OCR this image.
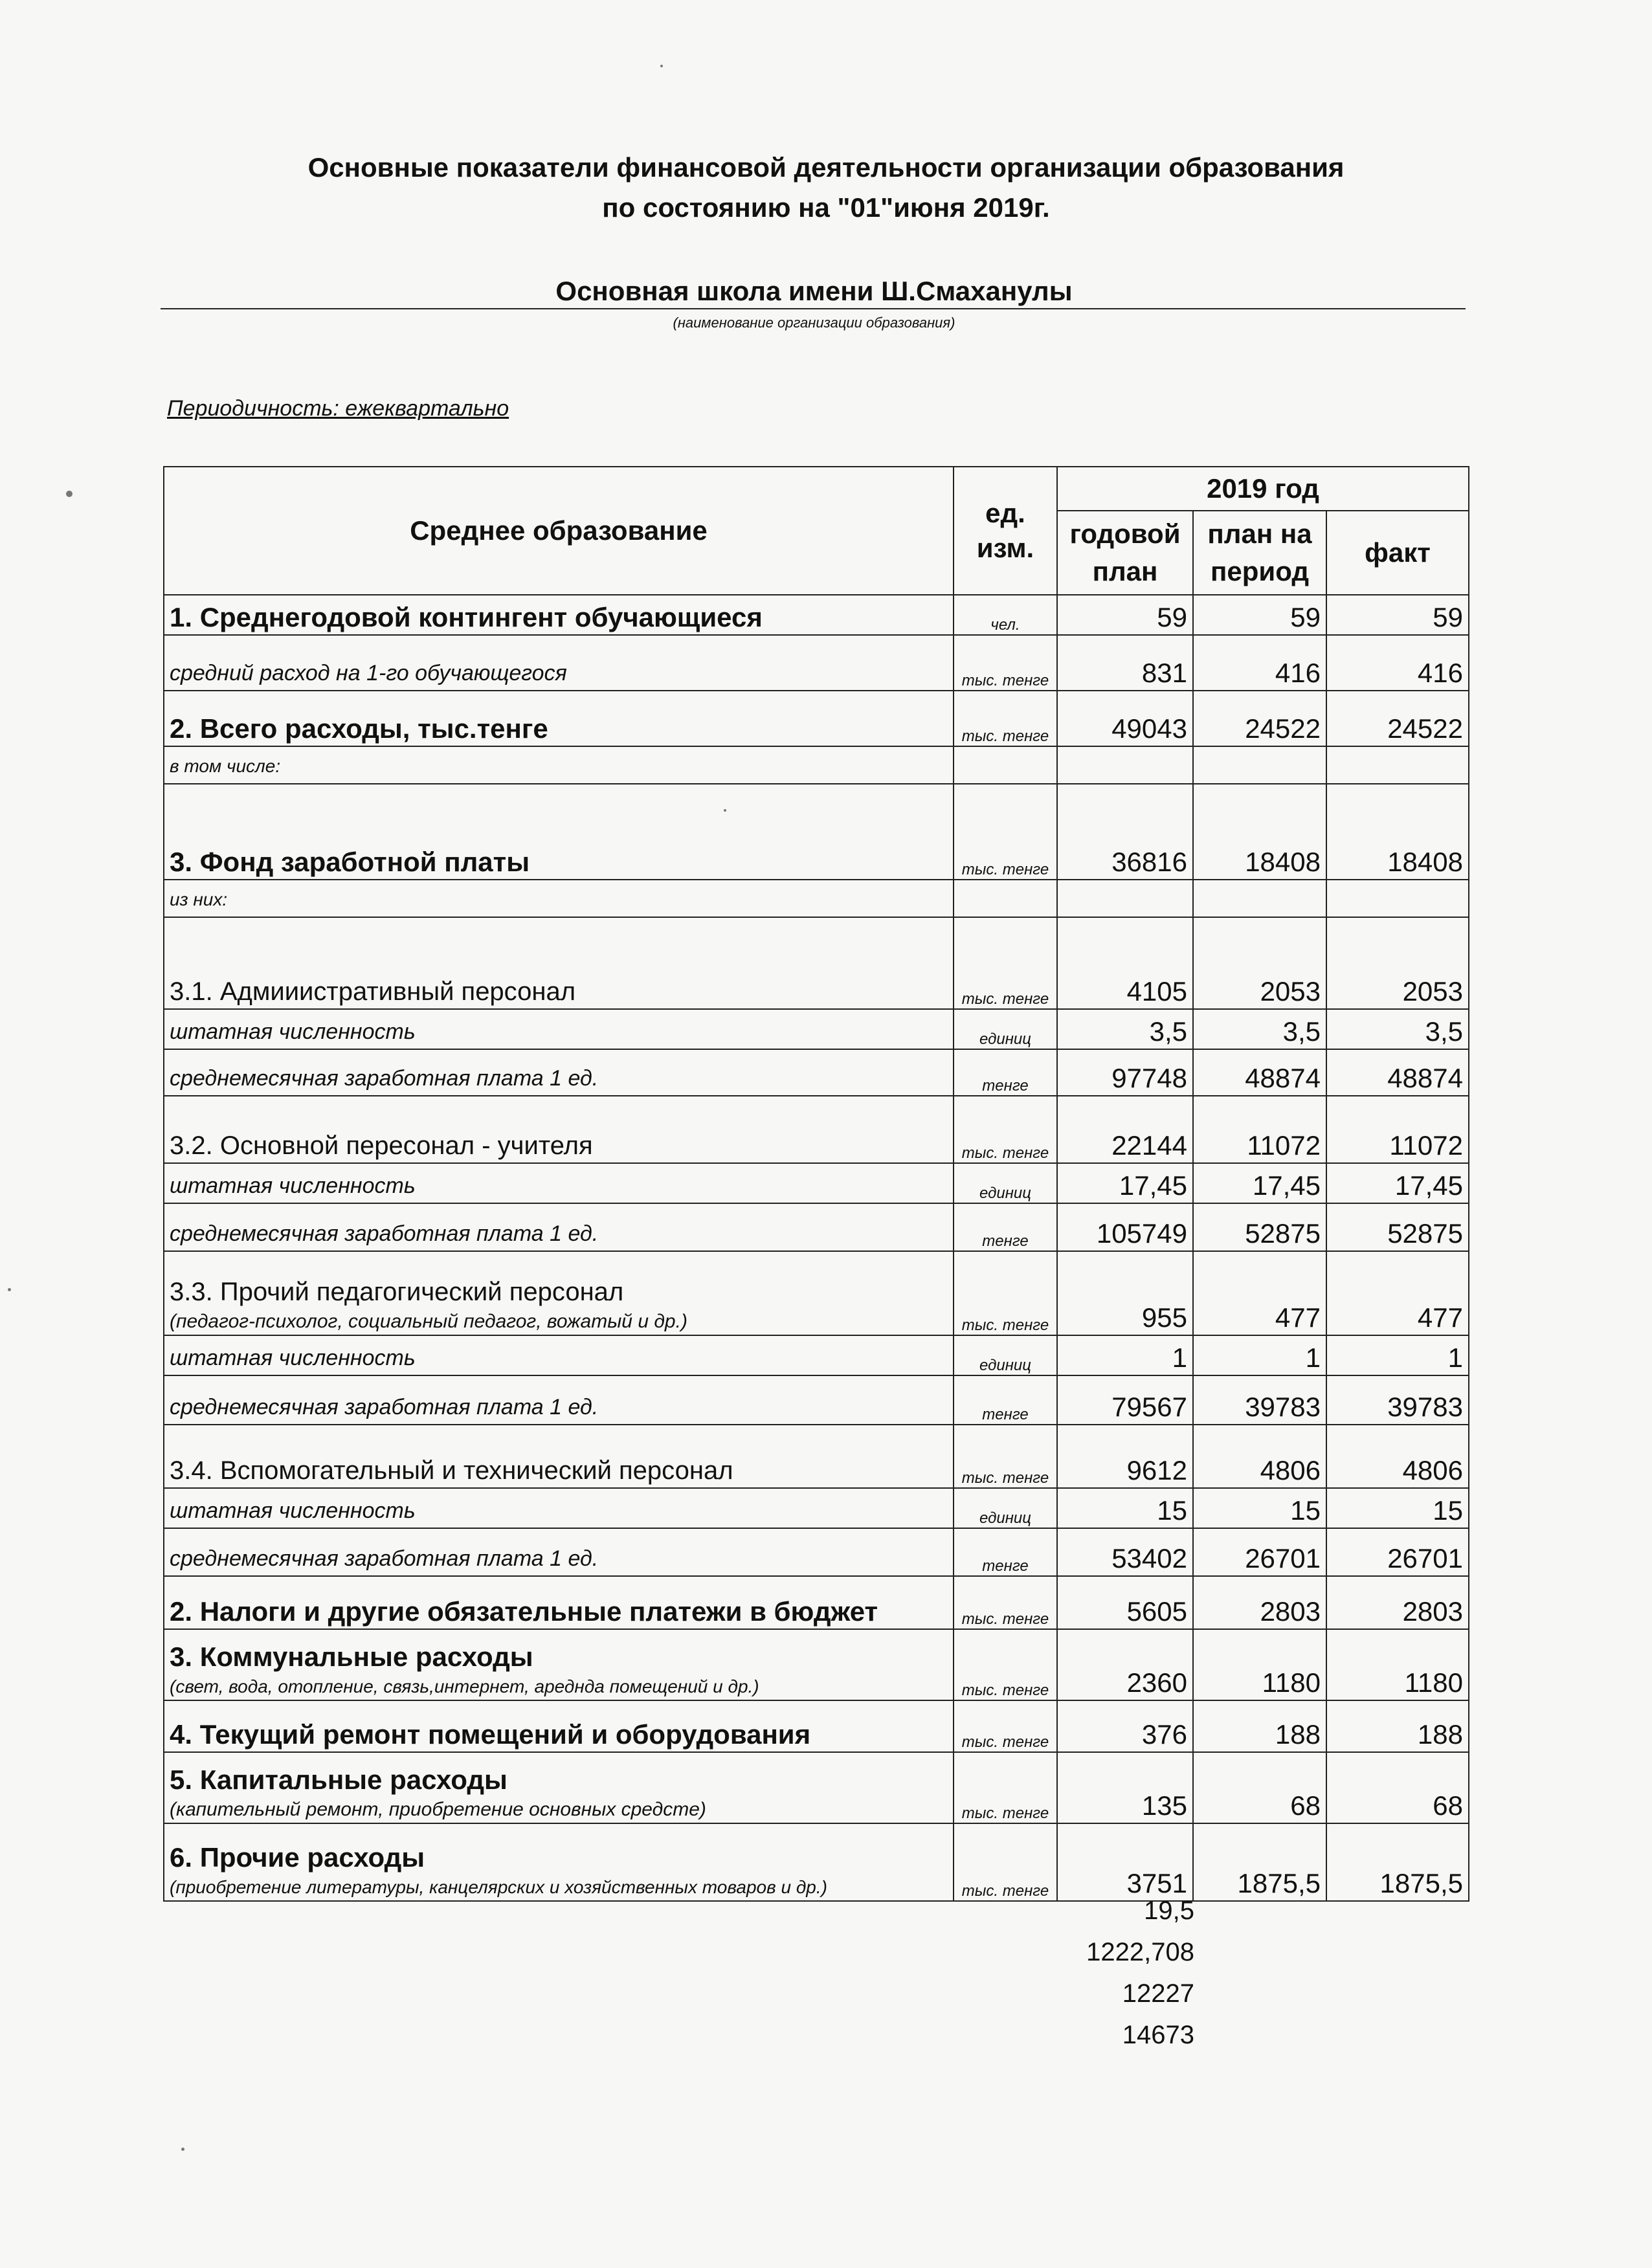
Основные показатели финансовой деятельности организации образования
по состоянию на "01"июня 2019г.
Основная школа имени Ш.Смаханулы
(наименование организации образования)
Периодичность: ежеквартально
Среднее образование	ед. изм.	2019 год		
		годовой план	план на период	факт
1. Среднегодовой контингент обучающиеся	чел.	59	59	59
средний расход на 1-го обучающегося	тыс. тенге	831	416	416
2. Всего расходы, тыс.тенге	тыс. тенге	49043	24522	24522
в том числе:				
3. Фонд заработной платы	тыс. тенге	36816	18408	18408
из них:				
3.1. Адмииистративный персонал	тыс. тенге	4105	2053	2053
штатная численность	единиц	3,5	3,5	3,5
среднемесячная заработная плата 1 ед.	тенге	97748	48874	48874
3.2. Основной пересонал - учителя	тыс. тенге	22144	11072	11072
штатная численность	единиц	17,45	17,45	17,45
среднемесячная заработная плата 1 ед.	тенге	105749	52875	52875
3.3. Прочий педагогический персонал
(педагог-психолог, социальный педагог, вожатый и др.)	тыс. тенге	955	477	477
штатная численность	единиц	1	1	1
среднемесячная заработная плата 1 ед.	тенге	79567	39783	39783
3.4. Вспомогательный и технический персонал	тыс. тенге	9612	4806	4806
штатная численность	единиц	15	15	15
среднемесячная заработная плата 1 ед.	тенге	53402	26701	26701
2. Налоги и другие обязательные платежи в бюджет	тыс. тенге	5605	2803	2803
3. Коммунальные расходы
(свет, вода, отопление, связь,интернет, аредндa помещений и др.)	тыс. тенге	2360	1180	1180
4. Текущий ремонт помещений и оборудования	тыс. тенге	376	188	188
5. Капитальные расходы
(капительный ремонт, приобретение основных средстe)	тыс. тенге	135	68	68
6. Прочие расходы
(приобретение литературы, канцелярских и хозяйственных товаров и др.)	тыс. тенге	3751	1875,5	1875,5
19,5
1222,708
12227
14673
